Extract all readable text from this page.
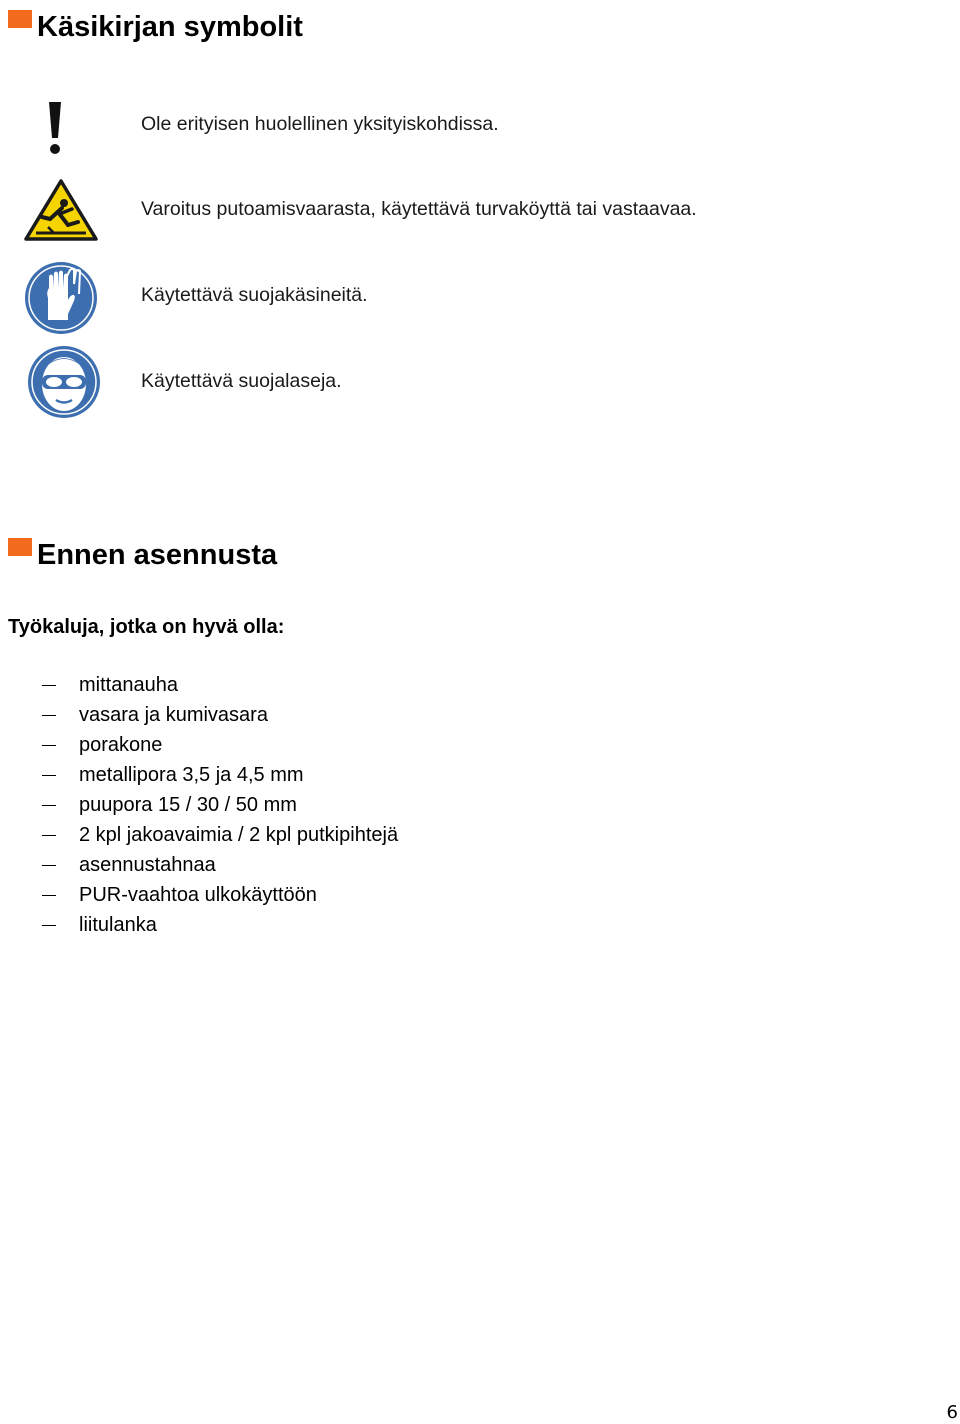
Käsikirjan symbolit
Ole erityisen huolellinen yksityiskohdissa.
Varoitus putoamisvaarasta, käytettävä turvaköyttä tai vastaavaa.
Käytettävä suojakäsineitä.
Käytettävä suojalaseja.
Ennen asennusta
Työkaluja, jotka on hyvä olla:
mittanauha
vasara ja kumivasara
porakone
metallipora 3,5 ja 4,5 mm
puupora 15 / 30 / 50 mm
2 kpl jakoavaimia / 2 kpl putkipihtejä
asennustahnaa
PUR-vaahtoa ulkokäyttöön
liitulanka
6
